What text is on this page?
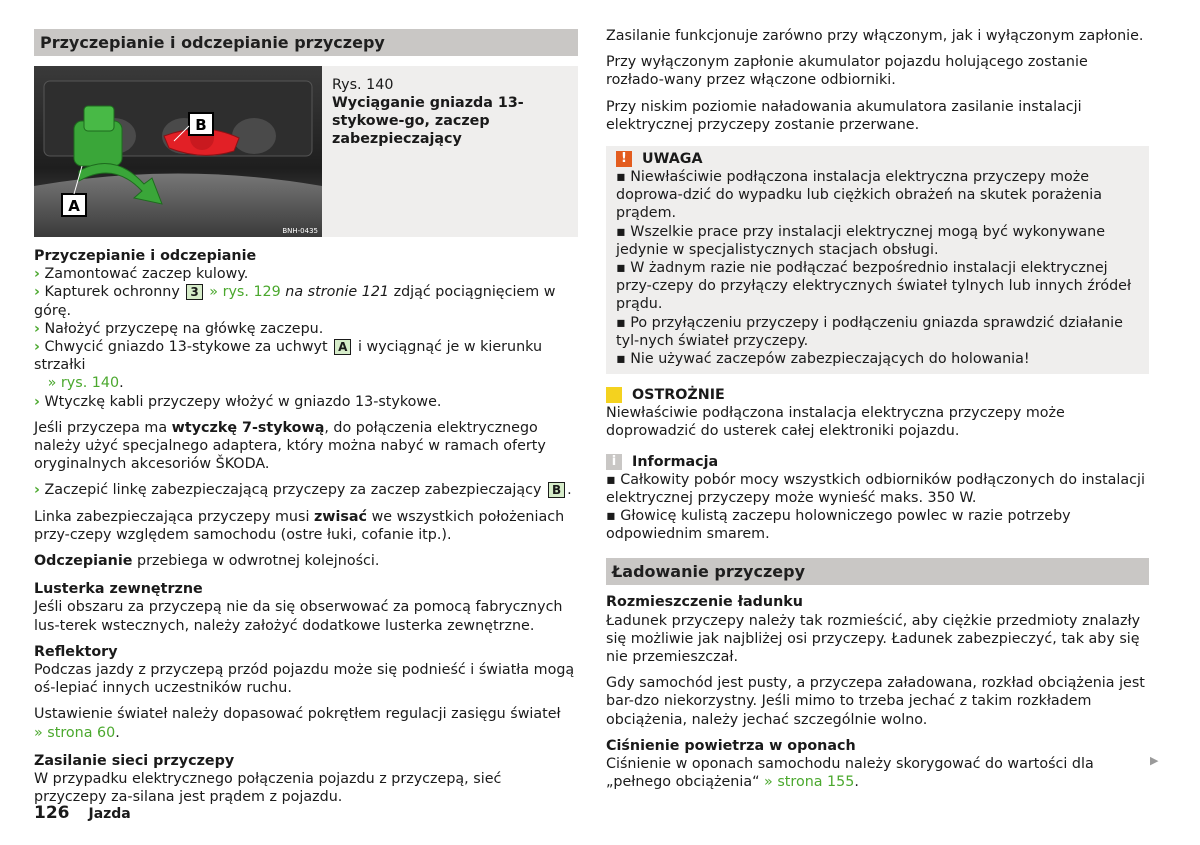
Przyczepianie i odczepianie przyczepy
A
B
BNH-0435
Rys. 140
Wyciąganie gniazda 13-stykowe-go, zaczep zabezpieczający

Przyczepianie i odczepianie

› Zamontować zaczep kulowy.

› Kapturek ochronny 3 » rys. 129 na stronie 121 zdjąć pociągnięciem w górę.

› Nałożyć przyczepę na główkę zaczepu.

› Chwycić gniazdo 13-stykowe za uchwyt A i wyciągnąć je w kierunku strzałki
» rys. 140.

› Wtyczkę kabli przyczepy włożyć w gniazdo 13-stykowe.

Jeśli przyczepa ma wtyczkę 7-stykową, do połączenia elektrycznego należy użyć specjalnego adaptera, który można nabyć w ramach oferty oryginalnych akcesoriów ŠKODA.

› Zaczepić linkę zabezpieczającą przyczepy za zaczep zabezpieczający B .

Linka zabezpieczająca przyczepy musi zwisać we wszystkich położeniach przy-czepy względem samochodu (ostre łuki, cofanie itp.).

Odczepianie przebiega w odwrotnej kolejności.

Lusterka zewnętrzne

Jeśli obszaru za przyczepą nie da się obserwować za pomocą fabrycznych lus-terek wstecznych, należy założyć dodatkowe lusterka zewnętrzne.

Reflektory

Podczas jazdy z przyczepą przód pojazdu może się podnieść i światła mogą oś-lepiać innych uczestników ruchu.

Ustawienie świateł należy dopasować pokrętłem regulacji zasięgu świateł
» strona 60.

Zasilanie sieci przyczepy

W przypadku elektrycznego połączenia pojazdu z przyczepą, sieć przyczepy za-silana jest prądem z pojazdu.

Zasilanie funkcjonuje zarówno przy włączonym, jak i wyłączonym zapłonie.

Przy wyłączonym zapłonie akumulator pojazdu holującego zostanie rozłado-wany przez włączone odbiorniki.

Przy niskim poziomie naładowania akumulatora zasilanie instalacji elektrycznej przyczepy zostanie przerwane.

!	UWAGA

▪ Niewłaściwie podłączona instalacja elektryczna przyczepy może doprowa-dzić do wypadku lub ciężkich obrażeń na skutek porażenia prądem.

▪ Wszelkie prace przy instalacji elektrycznej mogą być wykonywane jedynie w specjalistycznych stacjach obsługi.

▪ W żadnym razie nie podłączać bezpośrednio instalacji elektrycznej przy-czepy do przyłączy elektrycznych świateł tylnych lub innych źródeł prądu.

▪ Po przyłączeniu przyczepy i podłączeniu gniazda sprawdzić działanie tyl-nych świateł przyczepy.

▪ Nie używać zaczepów zabezpieczających do holowania!

!	OSTROŻNIE

Niewłaściwie podłączona instalacja elektryczna przyczepy może doprowadzić do usterek całej elektroniki pojazdu.

i	Informacja

▪ Całkowity pobór mocy wszystkich odbiorników podłączonych do instalacji elektrycznej przyczepy może wynieść maks. 350 W.

▪ Głowicę kulistą zaczepu holowniczego powlec w razie potrzeby odpowiednim smarem.

Ładowanie przyczepy

Rozmieszczenie ładunku

Ładunek przyczepy należy tak rozmieścić, aby ciężkie przedmioty znalazły się możliwie jak najbliżej osi przyczepy. Ładunek zabezpieczyć, tak aby się nie przemieszczał.

Gdy samochód jest pusty, a przyczepa załadowana, rozkład obciążenia jest bar-dzo niekorzystny. Jeśli mimo to trzeba jechać z takim rozkładem obciążenia, należy jechać szczególnie wolno.

Ciśnienie powietrza w oponach

Ciśnienie w oponach samochodu należy skorygować do wartości dla „pełnego obciążenia“ » strona 155.

▶
126 Jazda
